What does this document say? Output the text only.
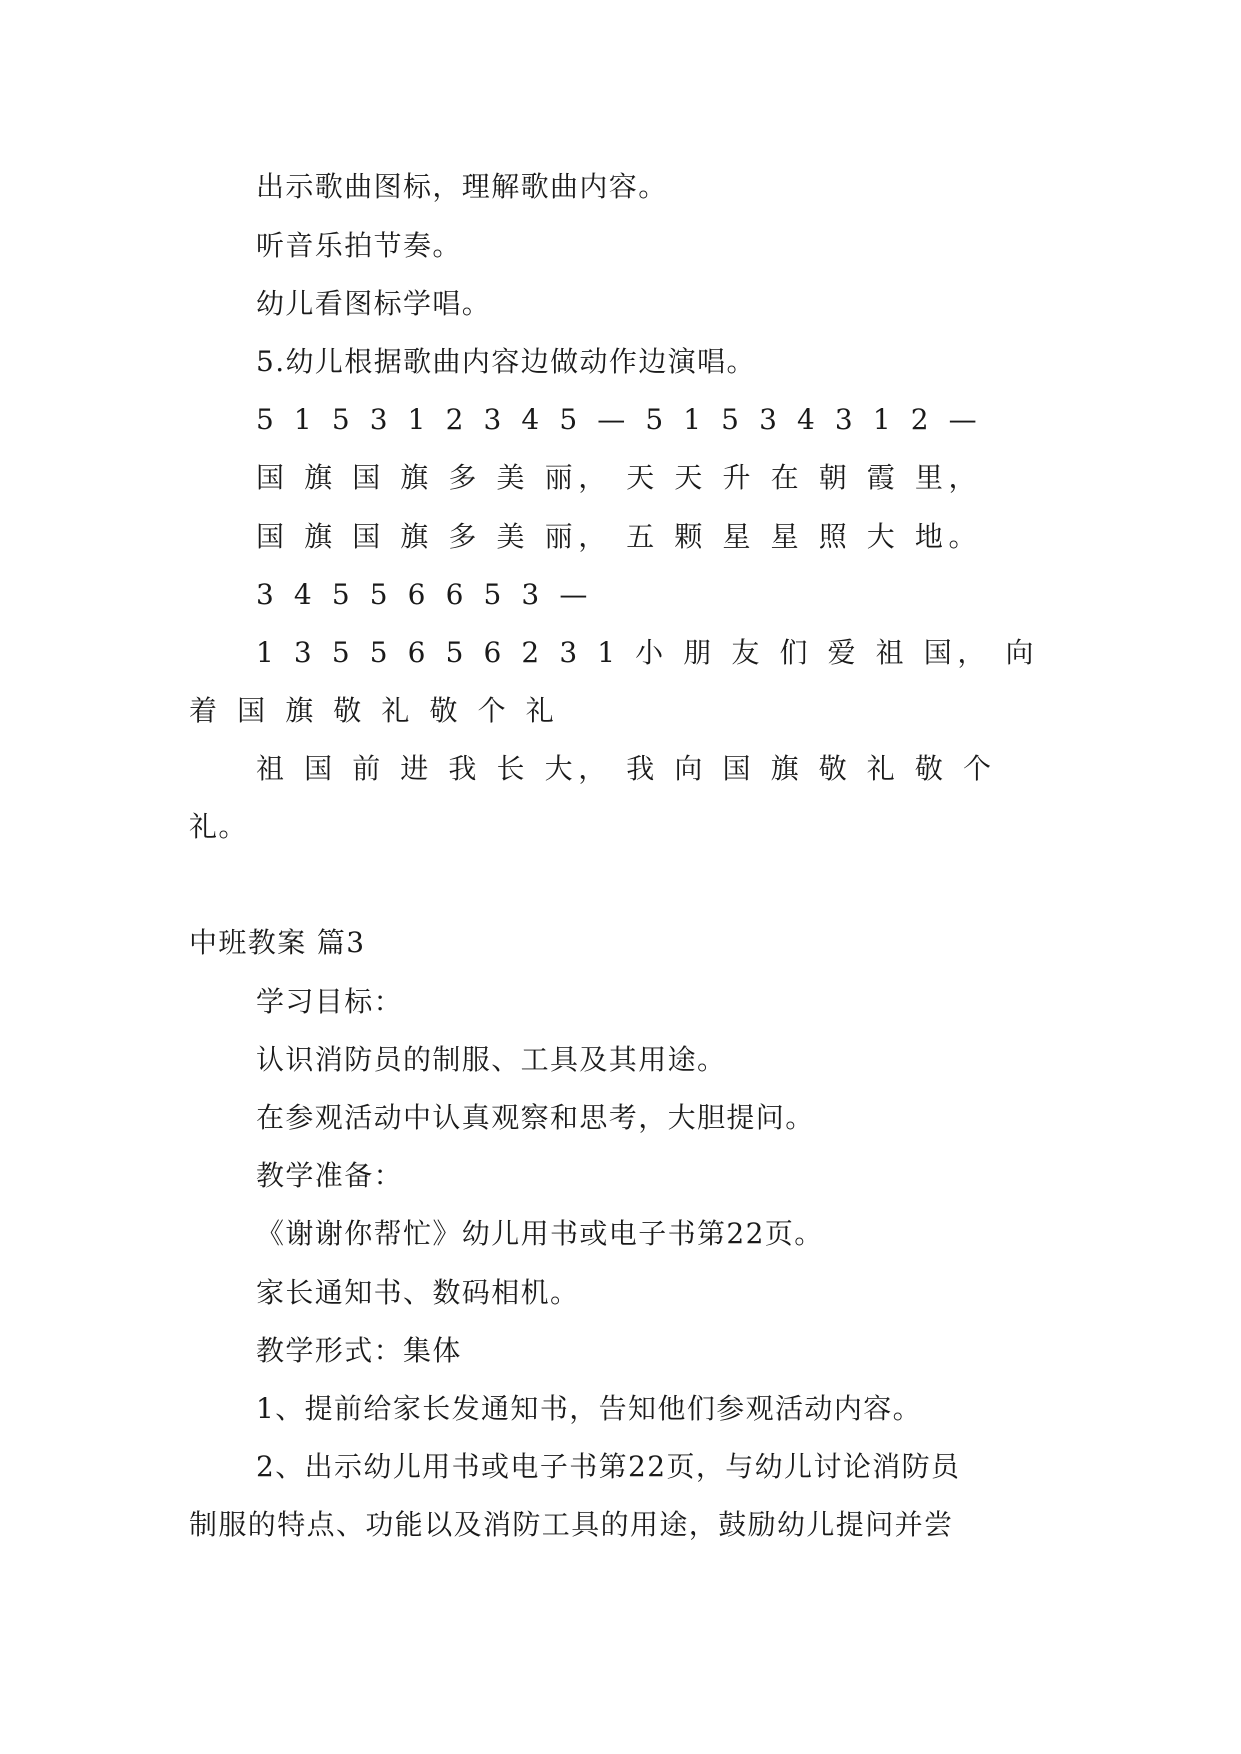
出示歌曲图标，理解歌曲内容。
听音乐拍节奏。
幼儿看图标学唱。
5.幼儿根据歌曲内容边做动作边演唱。
5 1 5 3 1 2 3 4 5 — 5 1 5 3 4 3 1 2 —
国 旗 国 旗 多 美 丽， 天 天 升 在 朝 霞 里，
国 旗 国 旗 多 美 丽， 五 颗 星 星 照 大 地。
3 4 5 5 6 6 5 3 —
1 3 5 5 6 5 6 2 3 1 小 朋 友 们 爱 祖 国， 向
着 国 旗 敬 礼 敬 个 礼
祖 国 前 进 我 长 大， 我 向 国 旗 敬 礼 敬 个
礼。
中班教案 篇3
学习目标：
认识消防员的制服、工具及其用途。
在参观活动中认真观察和思考，大胆提问。
教学准备：
《谢谢你帮忙》幼儿用书或电子书第22页。
家长通知书、数码相机。
教学形式：集体
1、提前给家长发通知书，告知他们参观活动内容。
2、出示幼儿用书或电子书第22页，与幼儿讨论消防员
制服的特点、功能以及消防工具的用途，鼓励幼儿提问并尝
